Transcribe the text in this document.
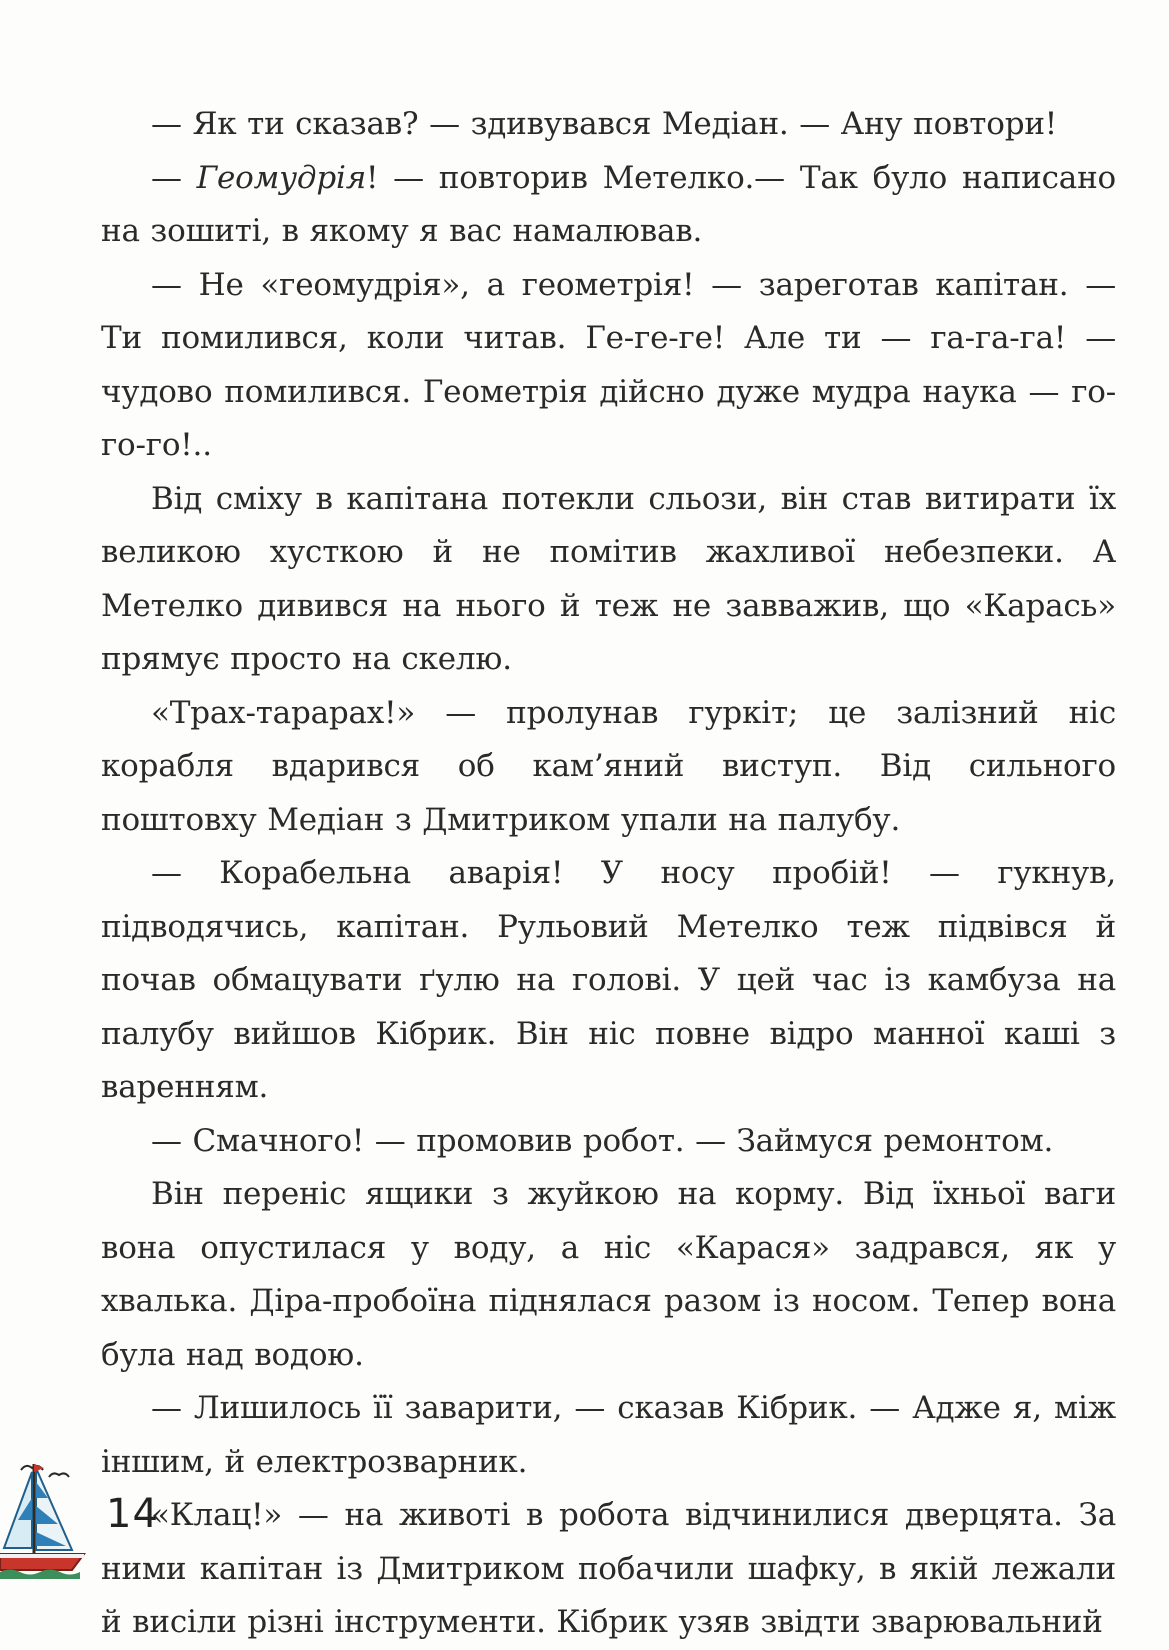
— Як ти сказав? — здивувався Медіан. — Ану повтори!

— Геомудрія! — повторив Метелко.— Так було написано на зошиті, в якому я вас намалював.

— Не «геомудрія», а геометрія! — зареготав капітан. — Ти помилився, коли читав. Ге-ге-ге! Але ти — га-га-га! — чудово помилився. Геометрія дійсно дуже мудра наука — го-го-го!..

Від сміху в капітана потекли сльози, він став витирати їх великою хусткою й не помітив жахливої небезпеки. А Метелко дивився на нього й теж не завважив, що «Карась» прямує просто на скелю.

«Трах-тарарах!» — пролунав гуркіт; це залізний ніс корабля вдарився об кам’яний виступ. Від сильного поштовху Медіан з Дмитриком упали на палубу.

— Корабельна аварія! У носу пробій! — гукнув, підводячись, капітан. Рульовий Метелко теж підвівся й почав обмацувати ґулю на голові. У цей час із камбуза на палубу вийшов Кібрик. Він ніс повне відро манної каші з варенням.

— Смачного! — промовив робот. — Займуся ремонтом.

Він переніс ящики з жуйкою на корму. Від їхньої ваги вона опустилася у воду, а ніс «Карася» задрався, як у хвалька. Діра-пробоїна піднялася разом із носом. Тепер вона була над водою.

— Лишилось її заварити, — сказав Кібрик. — Адже я, між іншим, й електрозварник.

«Клац!» — на животі в робота відчинилися дверцята. За ними капітан із Дмитриком побачили шафку, в якій лежали й висіли різні інструменти. Кібрик узяв звідти зварювальний

14
